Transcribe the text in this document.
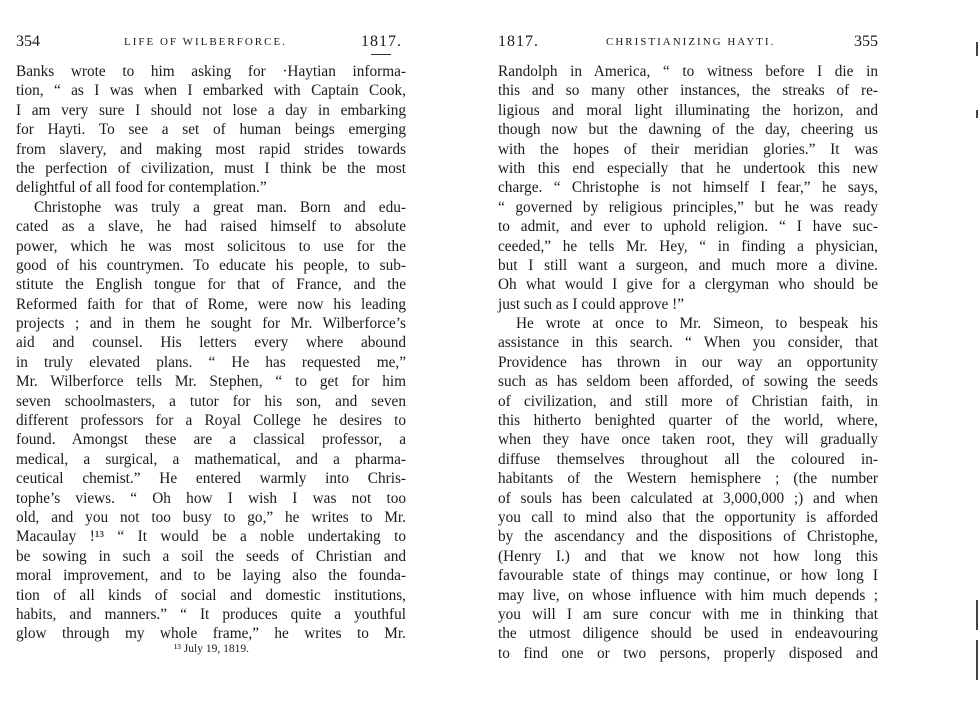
354	LIFE OF WILBERFORCE.	1817.
Banks wrote to him asking for ·Haytian informa-
tion, “ as I was when I embarked with Captain Cook,
I am very sure I should not lose a day in embarking
for Hayti. To see a set of human beings emerging
from slavery, and making most rapid strides towards
the perfection of civilization, must I think be the most
delightful of all food for contemplation.”
Christophe was truly a great man. Born and edu-
cated as a slave, he had raised himself to absolute
power, which he was most solicitous to use for the
good of his countrymen. To educate his people, to sub-
stitute the English tongue for that of France, and the
Reformed faith for that of Rome, were now his leading
projects ; and in them he sought for Mr. Wilberforce’s
aid and counsel. His letters every where abound
in truly elevated plans. “ He has requested me,”
Mr. Wilberforce tells Mr. Stephen, “ to get for him
seven schoolmasters, a tutor for his son, and seven
different professors for a Royal College he desires to
found. Amongst these are a classical professor, a
medical, a surgical, a mathematical, and a pharma-
ceutical chemist.” He entered warmly into Chris-
tophe’s views. “ Oh how I wish I was not too
old, and you not too busy to go,” he writes to Mr.
Macaulay !¹³ “ It would be a noble undertaking to
be sowing in such a soil the seeds of Christian and
moral improvement, and to be laying also the founda-
tion of all kinds of social and domestic institutions,
habits, and manners.” “ It produces quite a youthful
glow through my whole frame,” he writes to Mr.
¹³ July 19, 1819.
1817.	CHRISTIANIZING HAYTI.	355
Randolph in America, “ to witness before I die in
this and so many other instances, the streaks of re-
ligious and moral light illuminating the horizon, and
though now but the dawning of the day, cheering us
with the hopes of their meridian glories.” It was
with this end especially that he undertook this new
charge. “ Christophe is not himself I fear,” he says,
“ governed by religious principles,” but he was ready
to admit, and ever to uphold religion. “ I have suc-
ceeded,” he tells Mr. Hey, “ in finding a physician,
but I still want a surgeon, and much more a divine.
Oh what would I give for a clergyman who should be
just such as I could approve !”
He wrote at once to Mr. Simeon, to bespeak his
assistance in this search. “ When you consider, that
Providence has thrown in our way an opportunity
such as has seldom been afforded, of sowing the seeds
of civilization, and still more of Christian faith, in
this hitherto benighted quarter of the world, where,
when they have once taken root, they will gradually
diffuse themselves throughout all the coloured in-
habitants of the Western hemisphere ; (the number
of souls has been calculated at 3,000,000 ;) and when
you call to mind also that the opportunity is afforded
by the ascendancy and the dispositions of Christophe,
(Henry I.) and that we know not how long this
favourable state of things may continue, or how long I
may live, on whose influence with him much depends ;
you will I am sure concur with me in thinking that
the utmost diligence should be used in endeavouring
to find one or two persons, properly disposed and
